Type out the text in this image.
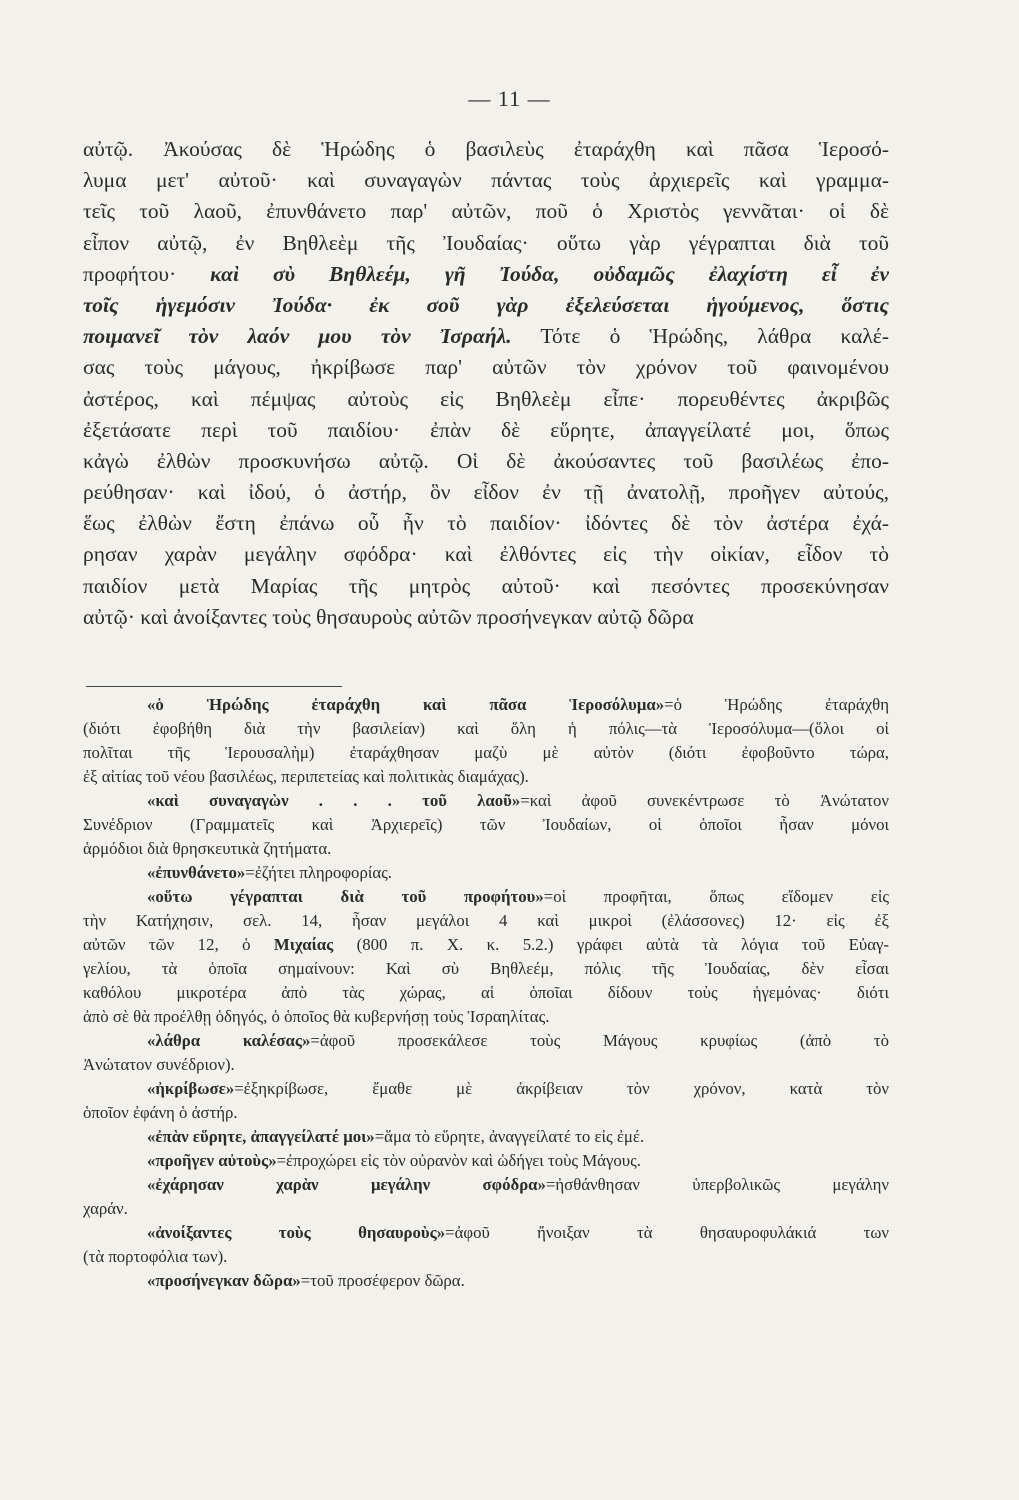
— 11 —
αὐτῷ. Ἀκούσας δὲ Ἡρώδης ὁ βασιλεὺς ἐταράχθη καὶ πᾶσα Ἱεροσό-
λυμα μετ' αὐτοῦ· καὶ συναγαγὼν πάντας τοὺς ἀρχιερεῖς καὶ γραμμα-
τεῖς τοῦ λαοῦ, ἐπυνθάνετο παρ' αὐτῶν, ποῦ ὁ Χριστὸς γεννᾶται· οἱ δὲ
εἶπον αὐτῷ, ἐν Βηθλεὲμ τῆς Ἰουδαίας· οὕτω γὰρ γέγραπται διὰ τοῦ
προφήτου· καὶ σὺ Βηθλεέμ, γῆ Ἰούδα, οὐδαμῶς ἐλαχίστη εἶ ἐν
τοῖς ἡγεμόσιν Ἰούδα· ἐκ σοῦ γὰρ ἐξελεύσεται ἡγούμενος, ὅστις
ποιμανεῖ τὸν λαόν μου τὸν Ἰσραήλ. Τότε ὁ Ἡρώδης, λάθρα καλέ-
σας τοὺς μάγους, ἠκρίβωσε παρ' αὐτῶν τὸν χρόνον τοῦ φαινομένου
ἀστέρος, καὶ πέμψας αὐτοὺς εἰς Βηθλεὲμ εἶπε· πορευθέντες ἀκριβῶς
ἐξετάσατε περὶ τοῦ παιδίου· ἐπὰν δὲ εὕρητε, ἀπαγγείλατέ μοι, ὅπως
κἀγὼ ἐλθὼν προσκυνήσω αὐτῷ. Οἱ δὲ ἀκούσαντες τοῦ βασιλέως ἐπο-
ρεύθησαν· καὶ ἰδού, ὁ ἀστήρ, ὃν εἶδον ἐν τῇ ἀνατολῇ, προῆγεν αὐτούς,
ἕως ἐλθὼν ἔστη ἐπάνω οὗ ἦν τὸ παιδίον· ἰδόντες δὲ τὸν ἀστέρα ἐχά-
ρησαν χαρὰν μεγάλην σφόδρα· καὶ ἐλθόντες εἰς τὴν οἰκίαν, εἶδον τὸ
παιδίον μετὰ Μαρίας τῆς μητρὸς αὐτοῦ· καὶ πεσόντες προσεκύνησαν
αὐτῷ· καὶ ἀνοίξαντες τοὺς θησαυροὺς αὐτῶν προσήνεγκαν αὐτῷ δῶρα
«ὁ Ἡρώδης ἐταράχθη καὶ πᾶσα Ἱεροσόλυμα»=ὁ Ἡρώδης ἐταράχθη
(διότι ἐφοβήθη διὰ τὴν βασιλείαν) καὶ ὅλη ἡ πόλις—τὰ Ἱεροσόλυμα—(ὅλοι οἱ
πολῖται τῆς Ἱερουσαλὴμ) ἐταράχθησαν μαζὺ μὲ αὐτὸν (διότι ἐφοβοῦντο τώρα,
ἐξ αἰτίας τοῦ νέου βασιλέως, περιπετείας καὶ πολιτικὰς διαμάχας).
«καὶ συναγαγὼν . . . τοῦ λαοῦ»=καὶ ἀφοῦ συνεκέντρωσε τὸ Ἀνώτατον
Συνέδριον (Γραμματεῖς καὶ Ἀρχιερεῖς) τῶν Ἰουδαίων, οἱ ὁποῖοι ἦσαν μόνοι
ἁρμόδιοι διὰ θρησκευτικὰ ζητήματα.
«ἐπυνθάνετο»=ἐζήτει πληροφορίας.
«οὕτω γέγραπται διὰ τοῦ προφήτου»=οἱ προφῆται, ὅπως εἴδομεν εἰς
τὴν Κατήχησιν, σελ. 14, ἦσαν μεγάλοι 4 καὶ μικροὶ (ἐλάσσονες) 12· εἰς ἐξ
αὐτῶν τῶν 12, ὁ Μιχαίας (800 π. Χ. κ. 5.2.) γράφει αὐτὰ τὰ λόγια τοῦ Εὐαγ-
γελίου, τὰ ὁποῖα σημαίνουν: Καὶ σὺ Βηθλεέμ, πόλις τῆς Ἰουδαίας, δὲν εἶσαι
καθόλου μικροτέρα ἀπὸ τὰς χώρας, αἱ ὁποῖαι δίδουν τοὺς ἡγεμόνας· διότι
ἀπὸ σὲ θὰ προέλθῃ ὁδηγός, ὁ ὁποῖος θὰ κυβερνήσῃ τοὺς Ἰσραηλίτας.
«λάθρα καλέσας»=ἀφοῦ προσεκάλεσε τοὺς Μάγους κρυφίως (ἀπὸ τὸ
Ἀνώτατον συνέδριον).
«ἠκρίβωσε»=ἐξηκρίβωσε, ἔμαθε μὲ ἀκρίβειαν τὸν χρόνον, κατὰ τὸν
ὁποῖον ἐφάνη ὁ ἀστήρ.
«ἐπὰν εὕρητε, ἀπαγγείλατέ μοι»=ἅμα τὸ εὕρητε, ἀναγγείλατέ το εἰς ἐμέ.
«προῆγεν αὐτοὺς»=ἐπροχώρει εἰς τὸν οὐρανὸν καὶ ὡδήγει τοὺς Μάγους.
«ἐχάρησαν χαρὰν μεγάλην σφόδρα»=ἠσθάνθησαν ὑπερβολικῶς μεγάλην
χαράν.
«ἀνοίξαντες τοὺς θησαυροὺς»=ἀφοῦ ἤνοιξαν τὰ θησαυροφυλάκιά των
(τὰ πορτοφόλια των).
«προσήνεγκαν δῶρα»=τοῦ προσέφερον δῶρα.
